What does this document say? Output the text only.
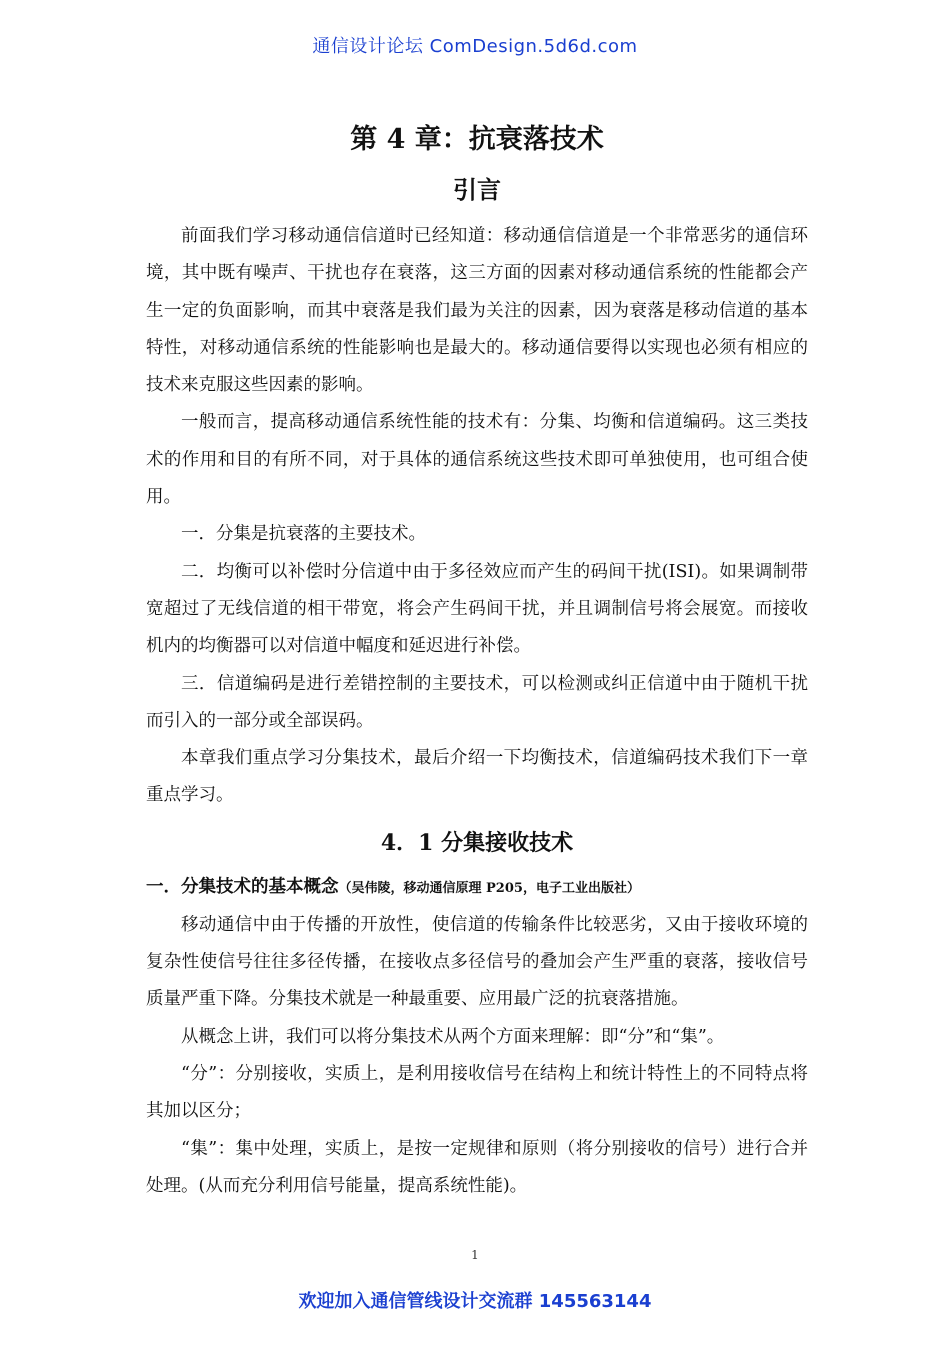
通信设计论坛 ComDesign.5d6d.com
第 4 章：抗衰落技术
引言

前面我们学习移动通信信道时已经知道：移动通信信道是一个非常恶劣的通信环境，其中既有噪声、干扰也存在衰落，这三方面的因素对移动通信系统的性能都会产生一定的负面影响，而其中衰落是我们最为关注的因素，因为衰落是移动信道的基本特性，对移动通信系统的性能影响也是最大的。移动通信要得以实现也必须有相应的技术来克服这些因素的影响。

一般而言，提高移动通信系统性能的技术有：分集、均衡和信道编码。这三类技术的作用和目的有所不同，对于具体的通信系统这些技术即可单独使用，也可组合使用。

一．分集是抗衰落的主要技术。

二．均衡可以补偿时分信道中由于多径效应而产生的码间干扰(ISI)。如果调制带宽超过了无线信道的相干带宽，将会产生码间干扰，并且调制信号将会展宽。而接收机内的均衡器可以对信道中幅度和延迟进行补偿。

三．信道编码是进行差错控制的主要技术，可以检测或纠正信道中由于随机干扰而引入的一部分或全部误码。

本章我们重点学习分集技术，最后介绍一下均衡技术，信道编码技术我们下一章重点学习。

4．1 分集接收技术

一．分集技术的基本概念（吴伟陵，移动通信原理 P205，电子工业出版社）

移动通信中由于传播的开放性，使信道的传输条件比较恶劣，又由于接收环境的复杂性使信号往往多径传播，在接收点多径信号的叠加会产生严重的衰落，接收信号质量严重下降。分集技术就是一种最重要、应用最广泛的抗衰落措施。

从概念上讲，我们可以将分集技术从两个方面来理解：即“分”和“集”。

“分”：分别接收，实质上，是利用接收信号在结构上和统计特性上的不同特点将其加以区分；

“集”：集中处理，实质上，是按一定规律和原则（将分别接收的信号）进行合并处理。(从而充分利用信号能量，提高系统性能)。

1
欢迎加入通信管线设计交流群 145563144
